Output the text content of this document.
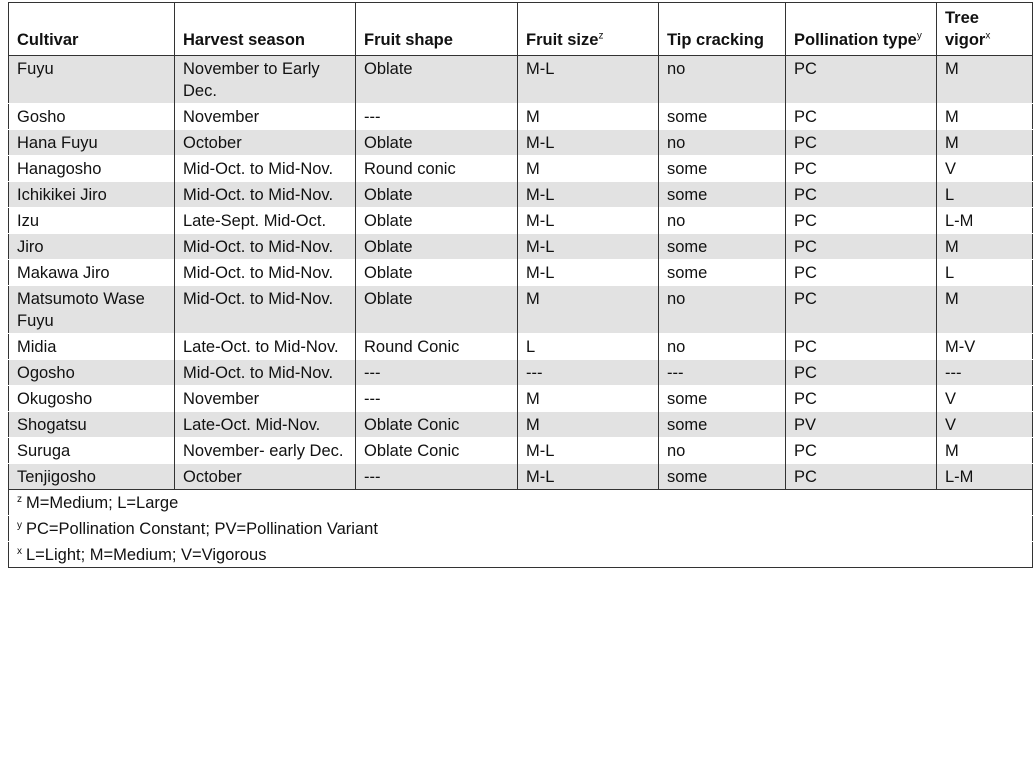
Cultivar	Harvest season	Fruit shape	Fruit size$^z$	Tip cracking	Pollination type$^y$	Tree vigor$^x$
Fuyu	November to Early Dec.	Oblate	M-L	no	PC	M
Gosho	November	---	M	some	PC	M
Hana Fuyu	October	Oblate	M-L	no	PC	M
Hanagosho	Mid-Oct. to Mid-Nov.	Round conic	M	some	PC	V
Ichikikei Jiro	Mid-Oct. to Mid-Nov.	Oblate	M-L	some	PC	L
Izu	Late-Sept. Mid-Oct.	Oblate	M-L	no	PC	L-M
Jiro	Mid-Oct. to Mid-Nov.	Oblate	M-L	some	PC	M
Makawa Jiro	Mid-Oct. to Mid-Nov.	Oblate	M-L	some	PC	L
Matsumoto Wase Fuyu	Mid-Oct. to Mid-Nov.	Oblate	M	no	PC	M
Midia	Late-Oct. to Mid-Nov.	Round Conic	L	no	PC	M-V
Ogosho	Mid-Oct. to Mid-Nov.	---	---	---	PC	---
Okugosho	November	---	M	some	PC	V
Shogatsu	Late-Oct. Mid-Nov.	Oblate Conic	M	some	PV	V
Suruga	November- early Dec.	Oblate Conic	M-L	no	PC	M
Tenjigosho	October	---	M-L	some	PC	L-M
$^z$ M=Medium; L=Large						
$^y$ PC=Pollination Constant; PV=Pollination Variant						
$^x$ L=Light; M=Medium; V=Vigorous						
